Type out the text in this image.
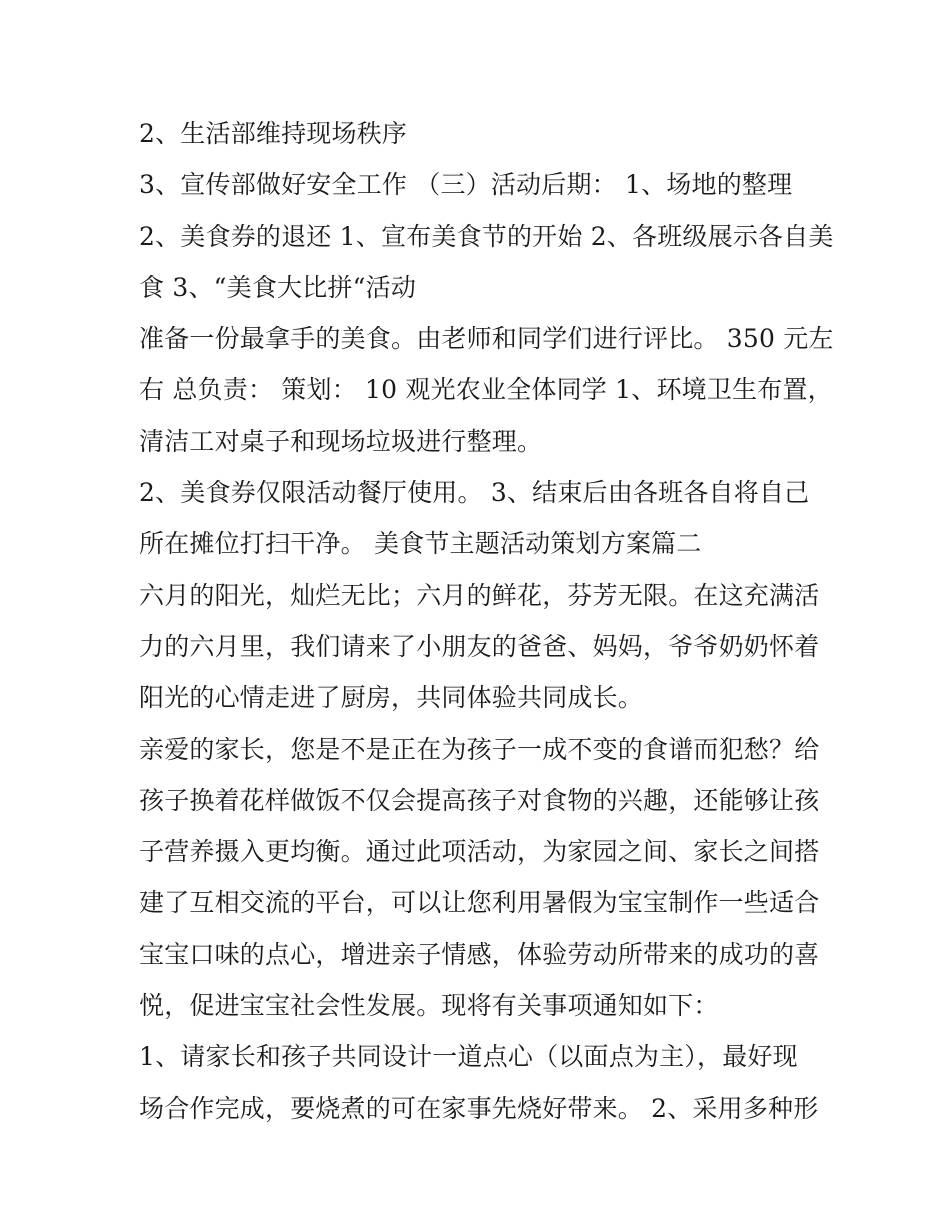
2、生活部维持现场秩序
3、宣传部做好安全工作 （三）活动后期： 1、场地的整理
2、美食券的退还 1、宣布美食节的开始 2、各班级展示各自美
食 3、“美食大比拼“活动
准备一份最拿手的美食。由老师和同学们进行评比。 350 元左
右 总负责： 策划： 10 观光农业全体同学 1、环境卫生布置，
清洁工对桌子和现场垃圾进行整理。
2、美食券仅限活动餐厅使用。 3、结束后由各班各自将自己
所在摊位打扫干净。 美食节主题活动策划方案篇二
六月的阳光，灿烂无比；六月的鲜花，芬芳无限。在这充满活
力的六月里，我们请来了小朋友的爸爸、妈妈，爷爷奶奶怀着
阳光的心情走进了厨房，共同体验共同成长。
亲爱的家长，您是不是正在为孩子一成不变的食谱而犯愁？给
孩子换着花样做饭不仅会提高孩子对食物的兴趣，还能够让孩
子营养摄入更均衡。通过此项活动，为家园之间、家长之间搭
建了互相交流的平台，可以让您利用暑假为宝宝制作一些适合
宝宝口味的点心，增进亲子情感，体验劳动所带来的成功的喜
悦，促进宝宝社会性发展。现将有关事项通知如下：
1、请家长和孩子共同设计一道点心（以面点为主），最好现
场合作完成，要烧煮的可在家事先烧好带来。 2、采用多种形
